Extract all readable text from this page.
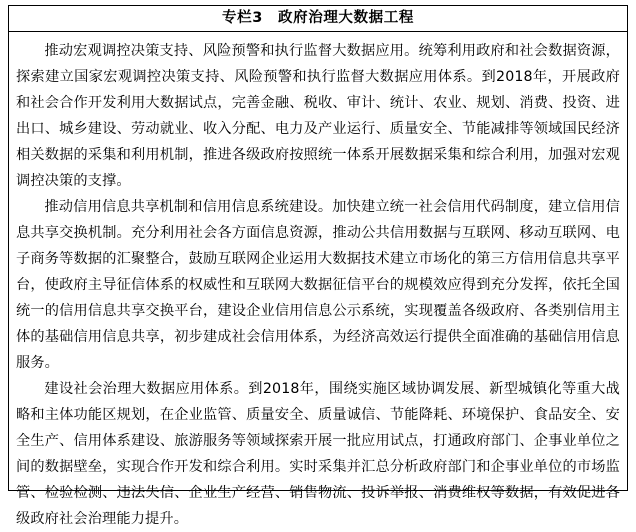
专栏3　政府治理大数据工程

推动宏观调控决策支持、风险预警和执行监督大数据应用。统筹利用政府和社会数据资源，探索建立国家宏观调控决策支持、风险预警和执行监督大数据应用体系。到2018年，开展政府和社会合作开发利用大数据试点，完善金融、税收、审计、统计、农业、规划、消费、投资、进出口、城乡建设、劳动就业、收入分配、电力及产业运行、质量安全、节能减排等领域国民经济相关数据的采集和利用机制，推进各级政府按照统一体系开展数据采集和综合利用，加强对宏观调控决策的支撑。

推动信用信息共享机制和信用信息系统建设。加快建立统一社会信用代码制度，建立信用信息共享交换机制。充分利用社会各方面信息资源，推动公共信用数据与互联网、移动互联网、电子商务等数据的汇聚整合，鼓励互联网企业运用大数据技术建立市场化的第三方信用信息共享平台，使政府主导征信体系的权威性和互联网大数据征信平台的规模效应得到充分发挥，依托全国统一的信用信息共享交换平台，建设企业信用信息公示系统，实现覆盖各级政府、各类别信用主体的基础信用信息共享，初步建成社会信用体系，为经济高效运行提供全面准确的基础信用信息服务。

建设社会治理大数据应用体系。到2018年，围绕实施区域协调发展、新型城镇化等重大战略和主体功能区规划，在企业监管、质量安全、质量诚信、节能降耗、环境保护、食品安全、安全生产、信用体系建设、旅游服务等领域探索开展一批应用试点，打通政府部门、企事业单位之间的数据壁垒，实现合作开发和综合利用。实时采集并汇总分析政府部门和企事业单位的市场监管、检验检测、违法失信、企业生产经营、销售物流、投诉举报、消费维权等数据，有效促进各级政府社会治理能力提升。
